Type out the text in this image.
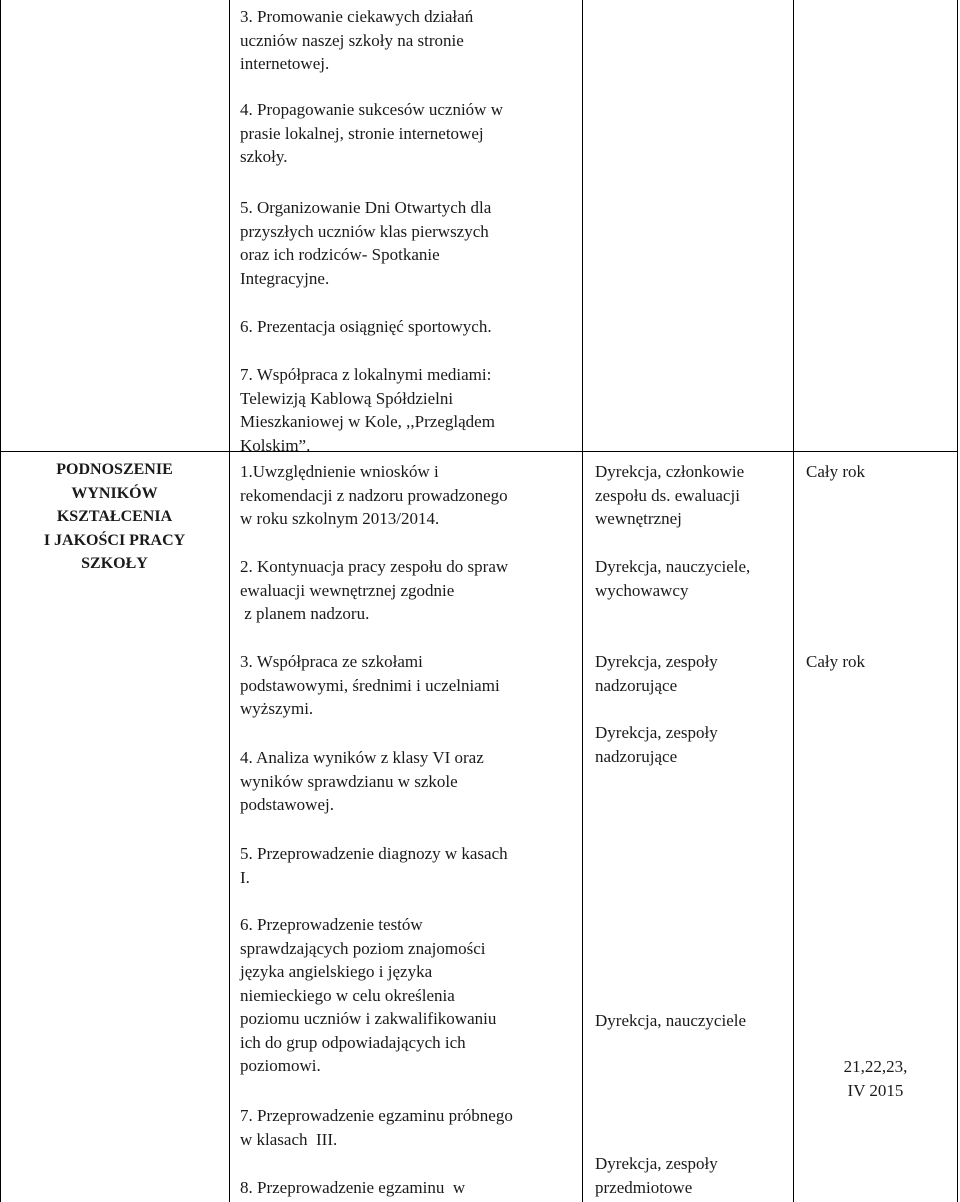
PODNOSZENIE
WYNIKÓW
KSZTAŁCENIA
I JAKOŚCI PRACY
SZKOŁY
3. Promowanie ciekawych działań
uczniów naszej szkoły na stronie
internetowej.
4. Propagowanie sukcesów uczniów w
prasie lokalnej, stronie internetowej
szkoły.
5. Organizowanie Dni Otwartych dla
przyszłych uczniów klas pierwszych
oraz ich rodziców- Spotkanie
Integracyjne.
6. Prezentacja osiągnięć sportowych.
7. Współpraca z lokalnymi mediami:
Telewizją Kablową Spółdzielni
Mieszkaniowej w Kole, ,,Przeglądem
Kolskim”.
1.Uwzględnienie wniosków i
rekomendacji z nadzoru prowadzonego
w roku szkolnym 2013/2014.
2. Kontynuacja pracy zespołu do spraw
ewaluacji wewnętrznej zgodnie
z planem nadzoru.
3. Współpraca ze szkołami
podstawowymi, średnimi i uczelniami
wyższymi.
4. Analiza wyników z klasy VI oraz
wyników sprawdzianu w szkole
podstawowej.
5. Przeprowadzenie diagnozy w kasach
I.
6. Przeprowadzenie testów
sprawdzających poziom znajomości
języka angielskiego i języka
niemieckiego w celu określenia
poziomu uczniów i zakwalifikowaniu
ich do grup odpowiadających ich
poziomowi.
7. Przeprowadzenie egzaminu próbnego
w klasach  III.
8. Przeprowadzenie egzaminu  w
Dyrekcja, członkowie
zespołu ds. ewaluacji
wewnętrznej
Dyrekcja, nauczyciele,
wychowawcy
Dyrekcja, zespoły
nadzorujące
Dyrekcja, zespoły
nadzorujące
Dyrekcja, nauczyciele
Dyrekcja, zespoły
przedmiotowe
Cały rok
Cały rok
21,22,23,
IV 2015
